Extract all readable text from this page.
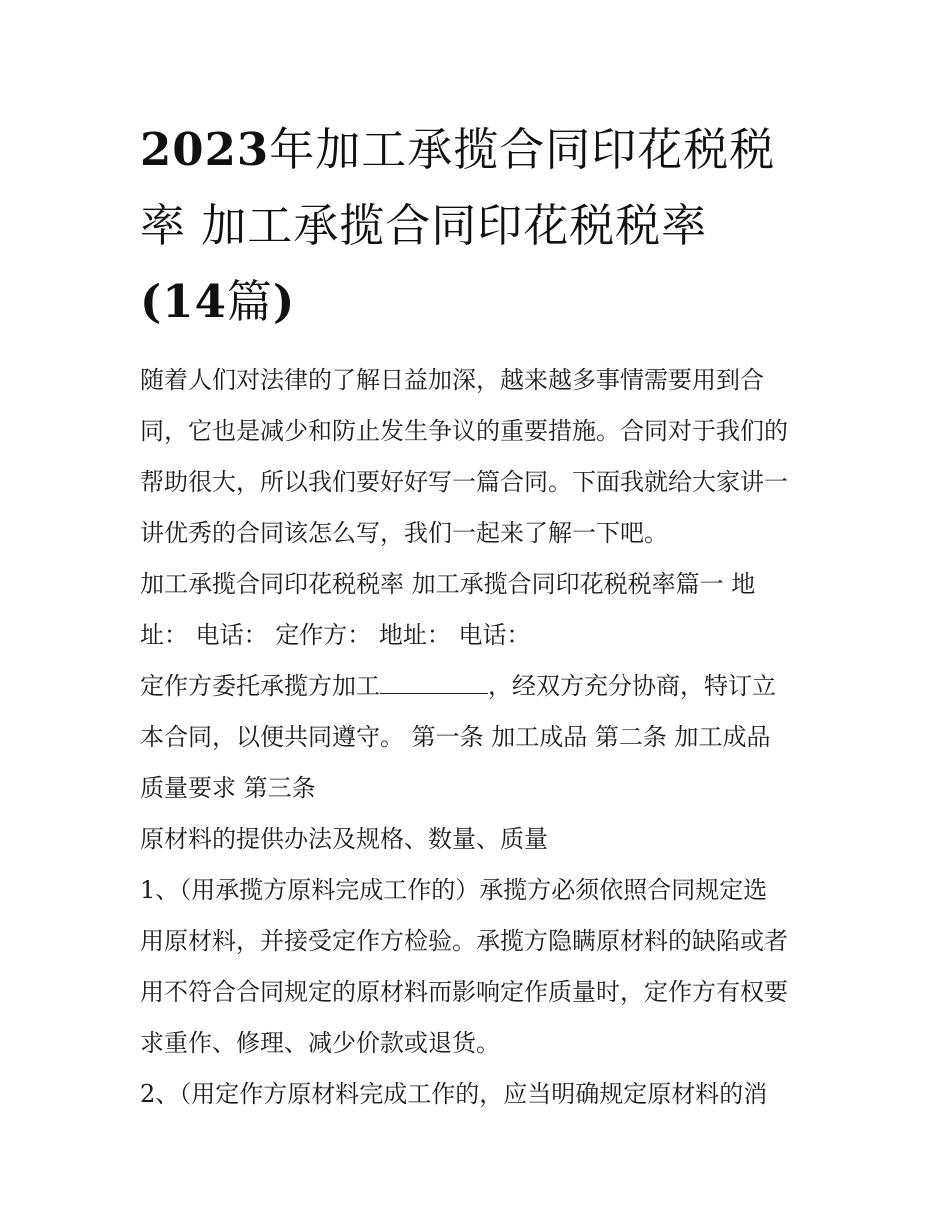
2023年加工承揽合同印花税税
率 加工承揽合同印花税税率
(14篇)
随着人们对法律的了解日益加深，越来越多事情需要用到合
同，它也是减少和防止发生争议的重要措施。合同对于我们的
帮助很大，所以我们要好好写一篇合同。下面我就给大家讲一
讲优秀的合同该怎么写，我们一起来了解一下吧。
加工承揽合同印花税税率 加工承揽合同印花税税率篇一 地
址： 电话： 定作方： 地址： 电话：
定作方委托承揽方加工	，经双方充分协商，特订立
本合同，以便共同遵守。 第一条 加工成品 第二条 加工成品
质量要求 第三条
原材料的提供办法及规格、数量、质量
1、（用承揽方原料完成工作的）承揽方必须依照合同规定选
用原材料，并接受定作方检验。承揽方隐瞒原材料的缺陷或者
用不符合合同规定的原材料而影响定作质量时，定作方有权要
求重作、修理、减少价款或退货。
2、（用定作方原材料完成工作的，应当明确规定原材料的消
